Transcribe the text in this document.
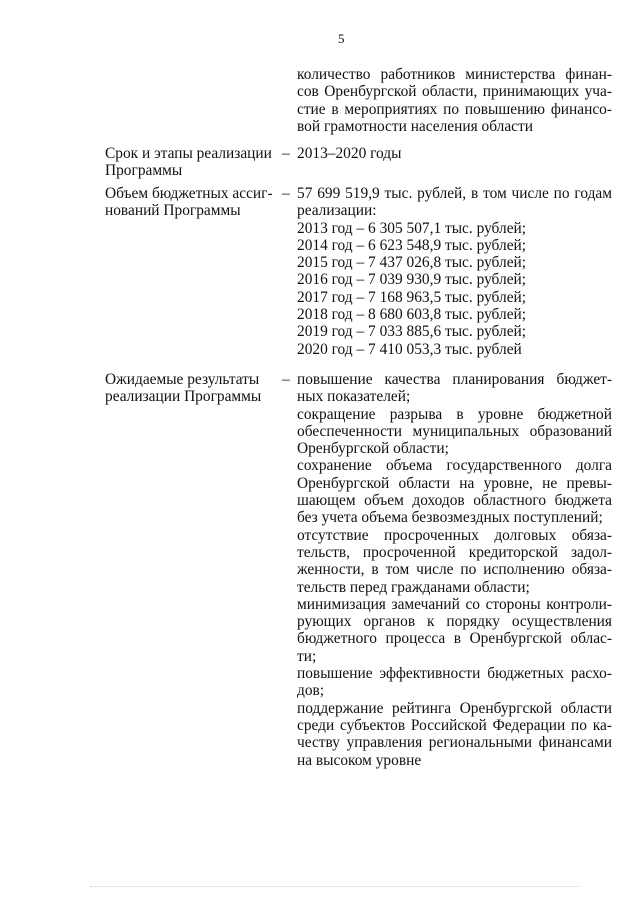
5
количество работников министерства финан-
сов Оренбургской области, принимающих уча-
стие в мероприятиях по повышению финансо-
вой грамотности населения области
Срок и этапы реализации
Программы
– 2013–2020 годы
Объем бюджетных ассиг-
нований Программы
– 57 699 519,9 тыс. рублей, в том числе по годам
реализации:
2013 год – 6 305 507,1 тыс. рублей;
2014 год – 6 623 548,9 тыс. рублей;
2015 год – 7 437 026,8 тыс. рублей;
2016 год – 7 039 930,9 тыс. рублей;
2017 год – 7 168 963,5 тыс. рублей;
2018 год – 8 680 603,8 тыс. рублей;
2019 год – 7 033 885,6 тыс. рублей;
2020 год – 7 410 053,3 тыс. рублей
Ожидаемые результаты
реализации Программы
– повышение качества планирования бюджет-
ных показателей;
сокращение разрыва в уровне бюджетной
обеспеченности муниципальных образований
Оренбургской области;
сохранение объема государственного долга
Оренбургской области на уровне, не превы-
шающем объем доходов областного бюджета
без учета объема безвозмездных поступлений;
отсутствие просроченных долговых обяза-
тельств, просроченной кредиторской задол-
женности, в том числе по исполнению обяза-
тельств перед гражданами области;
минимизация замечаний со стороны контроли-
рующих органов к порядку осуществления
бюджетного процесса в Оренбургской облас-
ти;
повышение эффективности бюджетных расхо-
дов;
поддержание рейтинга Оренбургской области
среди субъектов Российской Федерации по ка-
честву управления региональными финансами
на высоком уровне
